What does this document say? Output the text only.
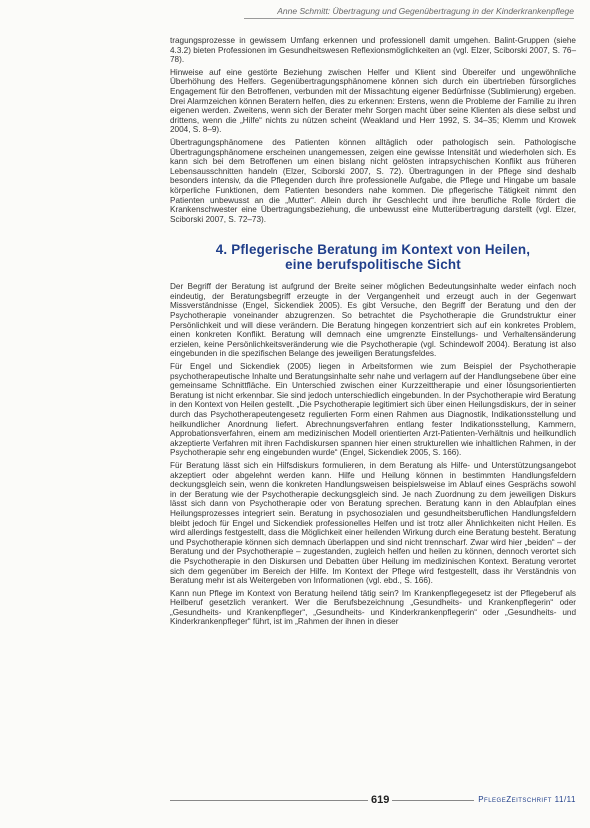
Anne Schmitt: Übertragung und Gegenübertragung in der Kinderkrankenpflege

tragungsprozesse in gewissem Umfang erkennen und professionell damit umgehen. Balint-Gruppen (siehe 4.3.2) bieten Professionen im Gesundheitswesen Reflexionsmöglichkeiten an (vgl. Elzer, Sciborski 2007, S. 76–78).

Hinweise auf eine gestörte Beziehung zwischen Helfer und Klient sind Übereifer und ungewöhnliche Überhöhung des Helfers. Gegenübertragungsphänomene können sich durch ein übertrieben fürsorgliches Engagement für den Betroffenen, verbunden mit der Missachtung eigener Bedürfnisse (Sublimierung) ergeben. Drei Alarmzeichen können Beratern helfen, dies zu erkennen: Erstens, wenn die Probleme der Familie zu ihren eigenen werden. Zweitens, wenn sich der Berater mehr Sorgen macht über seine Klienten als diese selbst und drittens, wenn die „Hilfe“ nichts zu nützen scheint (Weakland und Herr 1992, S. 34–35; Klemm und Krowek 2004, S. 8–9).

Übertragungsphänomene des Patienten können alltäglich oder pathologisch sein. Pathologische Übertragungsphänomene erscheinen unangemessen, zeigen eine gewisse Intensität und wiederholen sich. Es kann sich bei dem Betroffenen um einen bislang nicht gelösten intrapsychischen Konflikt aus früheren Lebensausschnitten handeln (Elzer, Sciborski 2007, S. 72). Übertragungen in der Pflege sind deshalb besonders intensiv, da die Pflegenden durch ihre professionelle Aufgabe, die Pflege und Hingabe um basale körperliche Funktionen, dem Patienten besonders nahe kommen. Die pflegerische Tätigkeit nimmt den Patienten unbewusst an die „Mutter“. Allein durch ihr Geschlecht und ihre berufliche Rolle fördert die Krankenschwester eine Übertragungsbeziehung, die unbewusst eine Mutterübertragung darstellt (vgl. Elzer, Sciborski 2007, S. 72–73).

4. Pflegerische Beratung im Kontext von Heilen,
eine berufspolitische Sicht

Der Begriff der Beratung ist aufgrund der Breite seiner möglichen Bedeutungsinhalte weder einfach noch eindeutig, der Beratungsbegriff erzeugte in der Vergangenheit und erzeugt auch in der Gegenwart Missverständnisse (Engel, Sickendiek 2005). Es gibt Versuche, den Begriff der Beratung und den der Psychotherapie voneinander abzugrenzen. So betrachtet die Psychotherapie die Grundstruktur einer Persönlichkeit und will diese verändern. Die Beratung hingegen konzentriert sich auf ein konkretes Problem, einen konkreten Konflikt. Beratung will demnach eine umgrenzte Einstellungs- und Verhaltensänderung erzielen, keine Persönlichkeitsveränderung wie die Psychotherapie (vgl. Schindewolf 2004). Beratung ist also eingebunden in die spezifischen Belange des jeweiligen Beratungsfeldes.

Für Engel und Sickendiek (2005) liegen in Arbeitsformen wie zum Beispiel der Psychotherapie psychotherapeutische Inhalte und Beratungsinhalte sehr nahe und verlagern auf der Handlungsebene über eine gemeinsame Schnittfläche. Ein Unterschied zwischen einer Kurzzeittherapie und einer lösungsorientierten Beratung ist nicht erkennbar. Sie sind jedoch unterschiedlich eingebunden. In der Psychotherapie wird Beratung in den Kontext von Heilen gestellt. „Die Psychotherapie legitimiert sich über einen Heilungsdiskurs, der in seiner durch das Psychotherapeutengesetz regulierten Form einen Rahmen aus Diagnostik, Indikationsstellung und heilkundlicher Anordnung liefert. Abrechnungsverfahren entlang fester Indikationsstellung, Kammern, Approbationsverfahren, einem am medizinischen Modell orientierten Arzt-Patienten-Verhältnis und heilkundlich akzeptierte Verfahren mit ihren Fachdiskursen spannen hier einen strukturellen wie inhaltlichen Rahmen, in der Psychotherapie sehr eng eingebunden wurde“ (Engel, Sickendiek 2005, S. 166).

Für Beratung lässt sich ein Hilfsdiskurs formulieren, in dem Beratung als Hilfe- und Unterstützungsangebot akzeptiert oder abgelehnt werden kann. Hilfe und Heilung können in bestimmten Handlungsfeldern deckungsgleich sein, wenn die konkreten Handlungsweisen beispielsweise im Ablauf eines Gesprächs sowohl in der Beratung wie der Psychotherapie deckungsgleich sind. Je nach Zuordnung zu dem jeweiligen Diskurs lässt sich dann von Psychotherapie oder von Beratung sprechen. Beratung kann in den Ablaufplan eines Heilungsprozesses integriert sein. Beratung in psychosozialen und gesundheitsberuflichen Handlungsfeldern bleibt jedoch für Engel und Sickendiek professionelles Helfen und ist trotz aller Ähnlichkeiten nicht Heilen. Es wird allerdings festgestellt, dass die Möglichkeit einer heilenden Wirkung durch eine Beratung besteht. Beratung und Psychotherapie können sich demnach überlappen und sind nicht trennscharf. Zwar wird hier „beiden“ – der Beratung und der Psychotherapie – zugestanden, zugleich helfen und heilen zu können, dennoch verortet sich die Psychotherapie in den Diskursen und Debatten über Heilung im medizinischen Kontext. Beratung verortet sich dem gegenüber im Bereich der Hilfe. Im Kontext der Pflege wird festgestellt, dass ihr Verständnis von Beratung mehr ist als Weitergeben von Informationen (vgl. ebd., S. 166).

Kann nun Pflege im Kontext von Beratung heilend tätig sein? Im Krankenpflegegesetz ist der Pflegeberuf als Heilberuf gesetzlich verankert. Wer die Berufsbezeichnung „Gesundheits- und Krankenpflegerin“ oder „Gesundheits- und Krankenpfleger“, „Gesundheits- und Kinderkrankenpflegerin“ oder „Gesundheits- und Kinderkrankenpfleger“ führt, ist im „Rahmen der ihnen in dieser

619	PflegeZeitschrift 11/11
